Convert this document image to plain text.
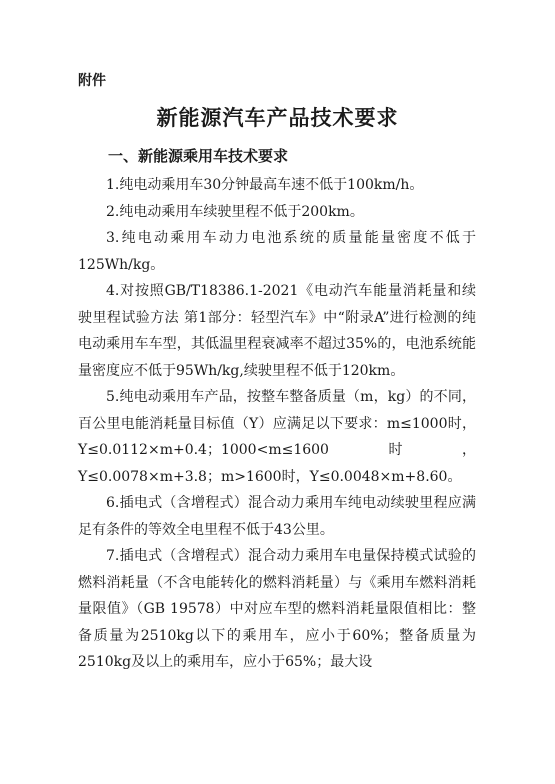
附件
新能源汽车产品技术要求
一、新能源乘用车技术要求

1.纯电动乘用车30分钟最高车速不低于100km/h。

2.纯电动乘用车续驶里程不低于200km。

3.纯电动乘用车动力电池系统的质量能量密度不低于125Wh/kg。

4.对按照GB/T18386.1-2021《电动汽车能量消耗量和续驶里程试验方法 第1部分：轻型汽车》中“附录A”进行检测的纯电动乘用车车型，其低温里程衰减率不超过35%的，电池系统能量密度应不低于95Wh/kg,续驶里程不低于120km。

5.纯电动乘用车产品，按整车整备质量（m，kg）的不同，百公里电能消耗量目标值（Y）应满足以下要求：m≤1000时，Y≤0.0112×m+0.4；1000<m≤1600时，Y≤0.0078×m+3.8；m>1600时，Y≤0.0048×m+8.60。

6.插电式（含增程式）混合动力乘用车纯电动续驶里程应满足有条件的等效全电里程不低于43公里。

7.插电式（含增程式）混合动力乘用车电量保持模式试验的燃料消耗量（不含电能转化的燃料消耗量）与《乘用车燃料消耗量限值》（GB 19578）中对应车型的燃料消耗量限值相比：整备质量为2510kg以下的乘用车，应小于60%；整备质量为2510kg及以上的乘用车，应小于65%；最大设
